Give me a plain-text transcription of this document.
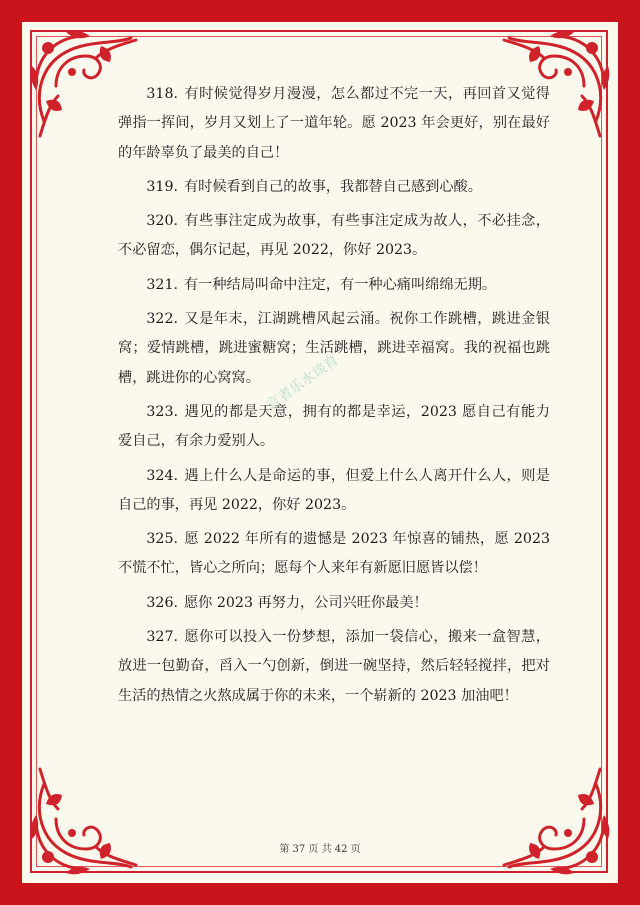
318. 有时候觉得岁月漫漫，怎么都过不完一天，再回首又觉得弹指一挥间，岁月又划上了一道年轮。愿 2023 年会更好，别在最好的年龄辜负了最美的自己！

319. 有时候看到自己的故事，我都替自己感到心酸。

320. 有些事注定成为故事，有些事注定成为故人，不必挂念，不必留恋，偶尔记起，再见 2022，你好 2023。

321. 有一种结局叫命中注定，有一种心痛叫绵绵无期。

322. 又是年末，江湖跳槽风起云涌。祝你工作跳槽，跳进金银窝；爱情跳槽，跳进蜜糖窝；生活跳槽，跳进幸福窝。我的祝福也跳槽，跳进你的心窝窝。

323. 遇见的都是天意，拥有的都是幸运，2023 愿自己有能力爱自己，有余力爱别人。

324. 遇上什么人是命运的事，但爱上什么人离开什么人，则是自己的事，再见 2022，你好 2023。

325. 愿 2022 年所有的遗憾是 2023 年惊喜的铺热，愿 2023 不慌不忙，皆心之所向；愿每个人来年有新愿旧愿皆以偿！

326. 愿你 2023 再努力，公司兴旺你最美！

327. 愿你可以投入一份梦想，添加一袋信心，搬来一盒智慧，放进一包勤奋，舀入一勺创新，倒进一碗坚持，然后轻轻搅拌，把对生活的热情之火熬成属于你的未来，一个崭新的 2023 加油吧！

言者乐水谈育
第 37 页 共 42 页
